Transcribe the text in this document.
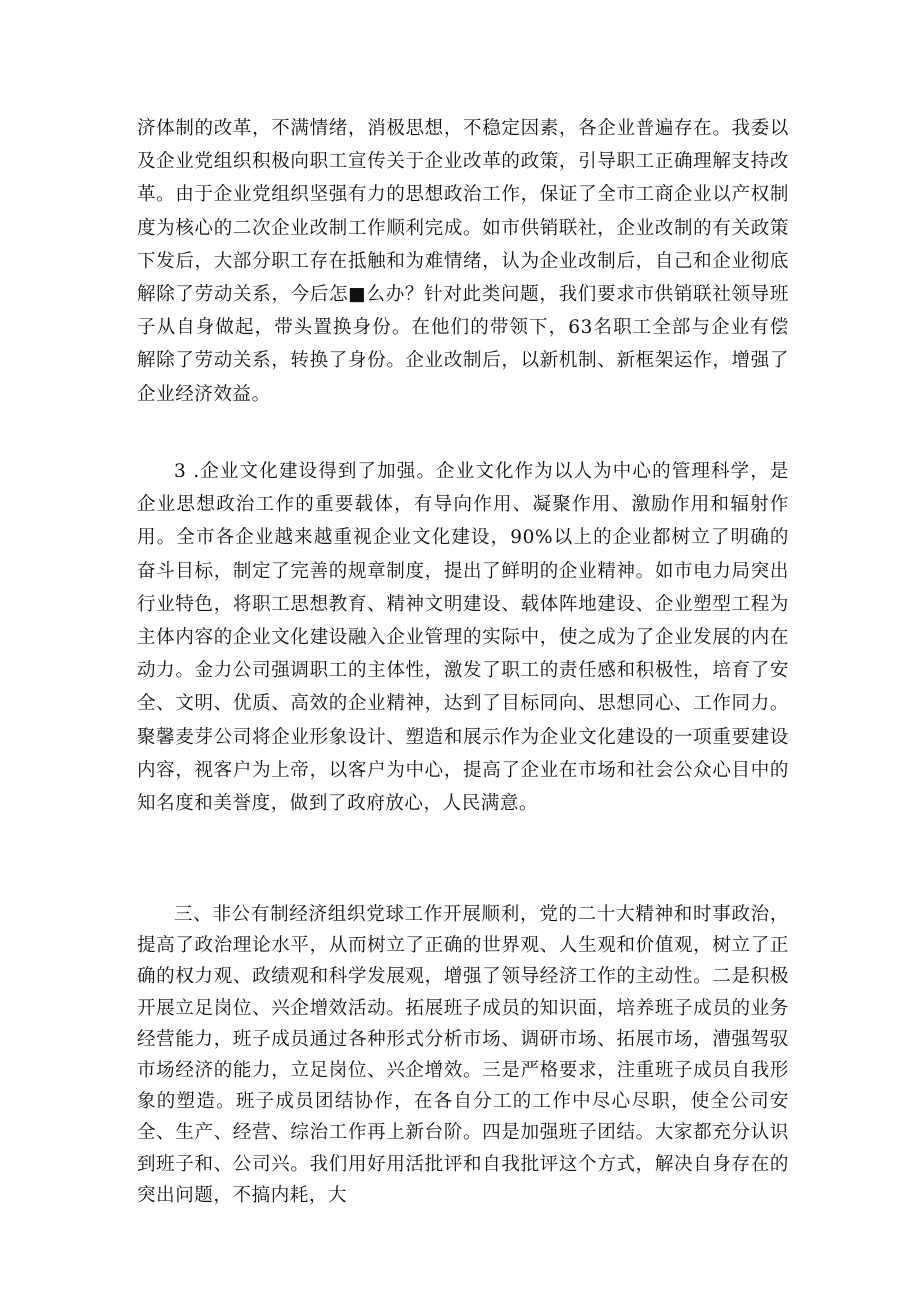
济体制的改革，不满情绪，消极思想，不稳定因素，各企业普遍存在。我委以及企业党组织积极向职工宣传关于企业改革的政策，引导职工正确理解支持改革。由于企业党组织坚强有力的思想政治工作，保证了全市工商企业以产权制度为核心的二次企业改制工作顺利完成。如市供销联社，企业改制的有关政策下发后，大部分职工存在抵触和为难情绪，认为企业改制后，自己和企业彻底解除了劳动关系，今后怎■么办？针对此类问题，我们要求市供销联社领导班子从自身做起，带头置换身份。在他们的带领下，63名职工全部与企业有偿解除了劳动关系，转换了身份。企业改制后，以新机制、新框架运作，增强了企业经济效益。

3 .企业文化建设得到了加强。企业文化作为以人为中心的管理科学，是企业思想政治工作的重要载体，有导向作用、凝聚作用、激励作用和辐射作用。全市各企业越来越重视企业文化建设，90%以上的企业都树立了明确的奋斗目标，制定了完善的规章制度，提出了鲜明的企业精神。如市电力局突出行业特色，将职工思想教育、精神文明建设、载体阵地建设、企业塑型工程为主体内容的企业文化建设融入企业管理的实际中，使之成为了企业发展的内在动力。金力公司强调职工的主体性，激发了职工的责任感和积极性，培育了安全、文明、优质、高效的企业精神，达到了目标同向、思想同心、工作同力。聚馨麦芽公司将企业形象设计、塑造和展示作为企业文化建设的一项重要建设内容，视客户为上帝，以客户为中心，提高了企业在市场和社会公众心目中的知名度和美誉度，做到了政府放心，人民满意。

三、非公有制经济组织党球工作开展顺利，党的二十大精神和时事政治，提高了政治理论水平，从而树立了正确的世界观、人生观和价值观，树立了正确的权力观、政绩观和科学发展观，增强了领导经济工作的主动性。二是积极开展立足岗位、兴企增效活动。拓展班子成员的知识面，培养班子成员的业务经营能力，班子成员通过各种形式分析市场、调研市场、拓展市场，漕强驾驭市场经济的能力，立足岗位、兴企增效。三是严格要求，注重班子成员自我形象的塑造。班子成员团结协作，在各自分工的工作中尽心尽职，使全公司安全、生产、经营、综治工作再上新台阶。四是加强班子团结。大家都充分认识到班子和、公司兴。我们用好用活批评和自我批评这个方式，解决自身存在的突出问题，不搞内耗，大
